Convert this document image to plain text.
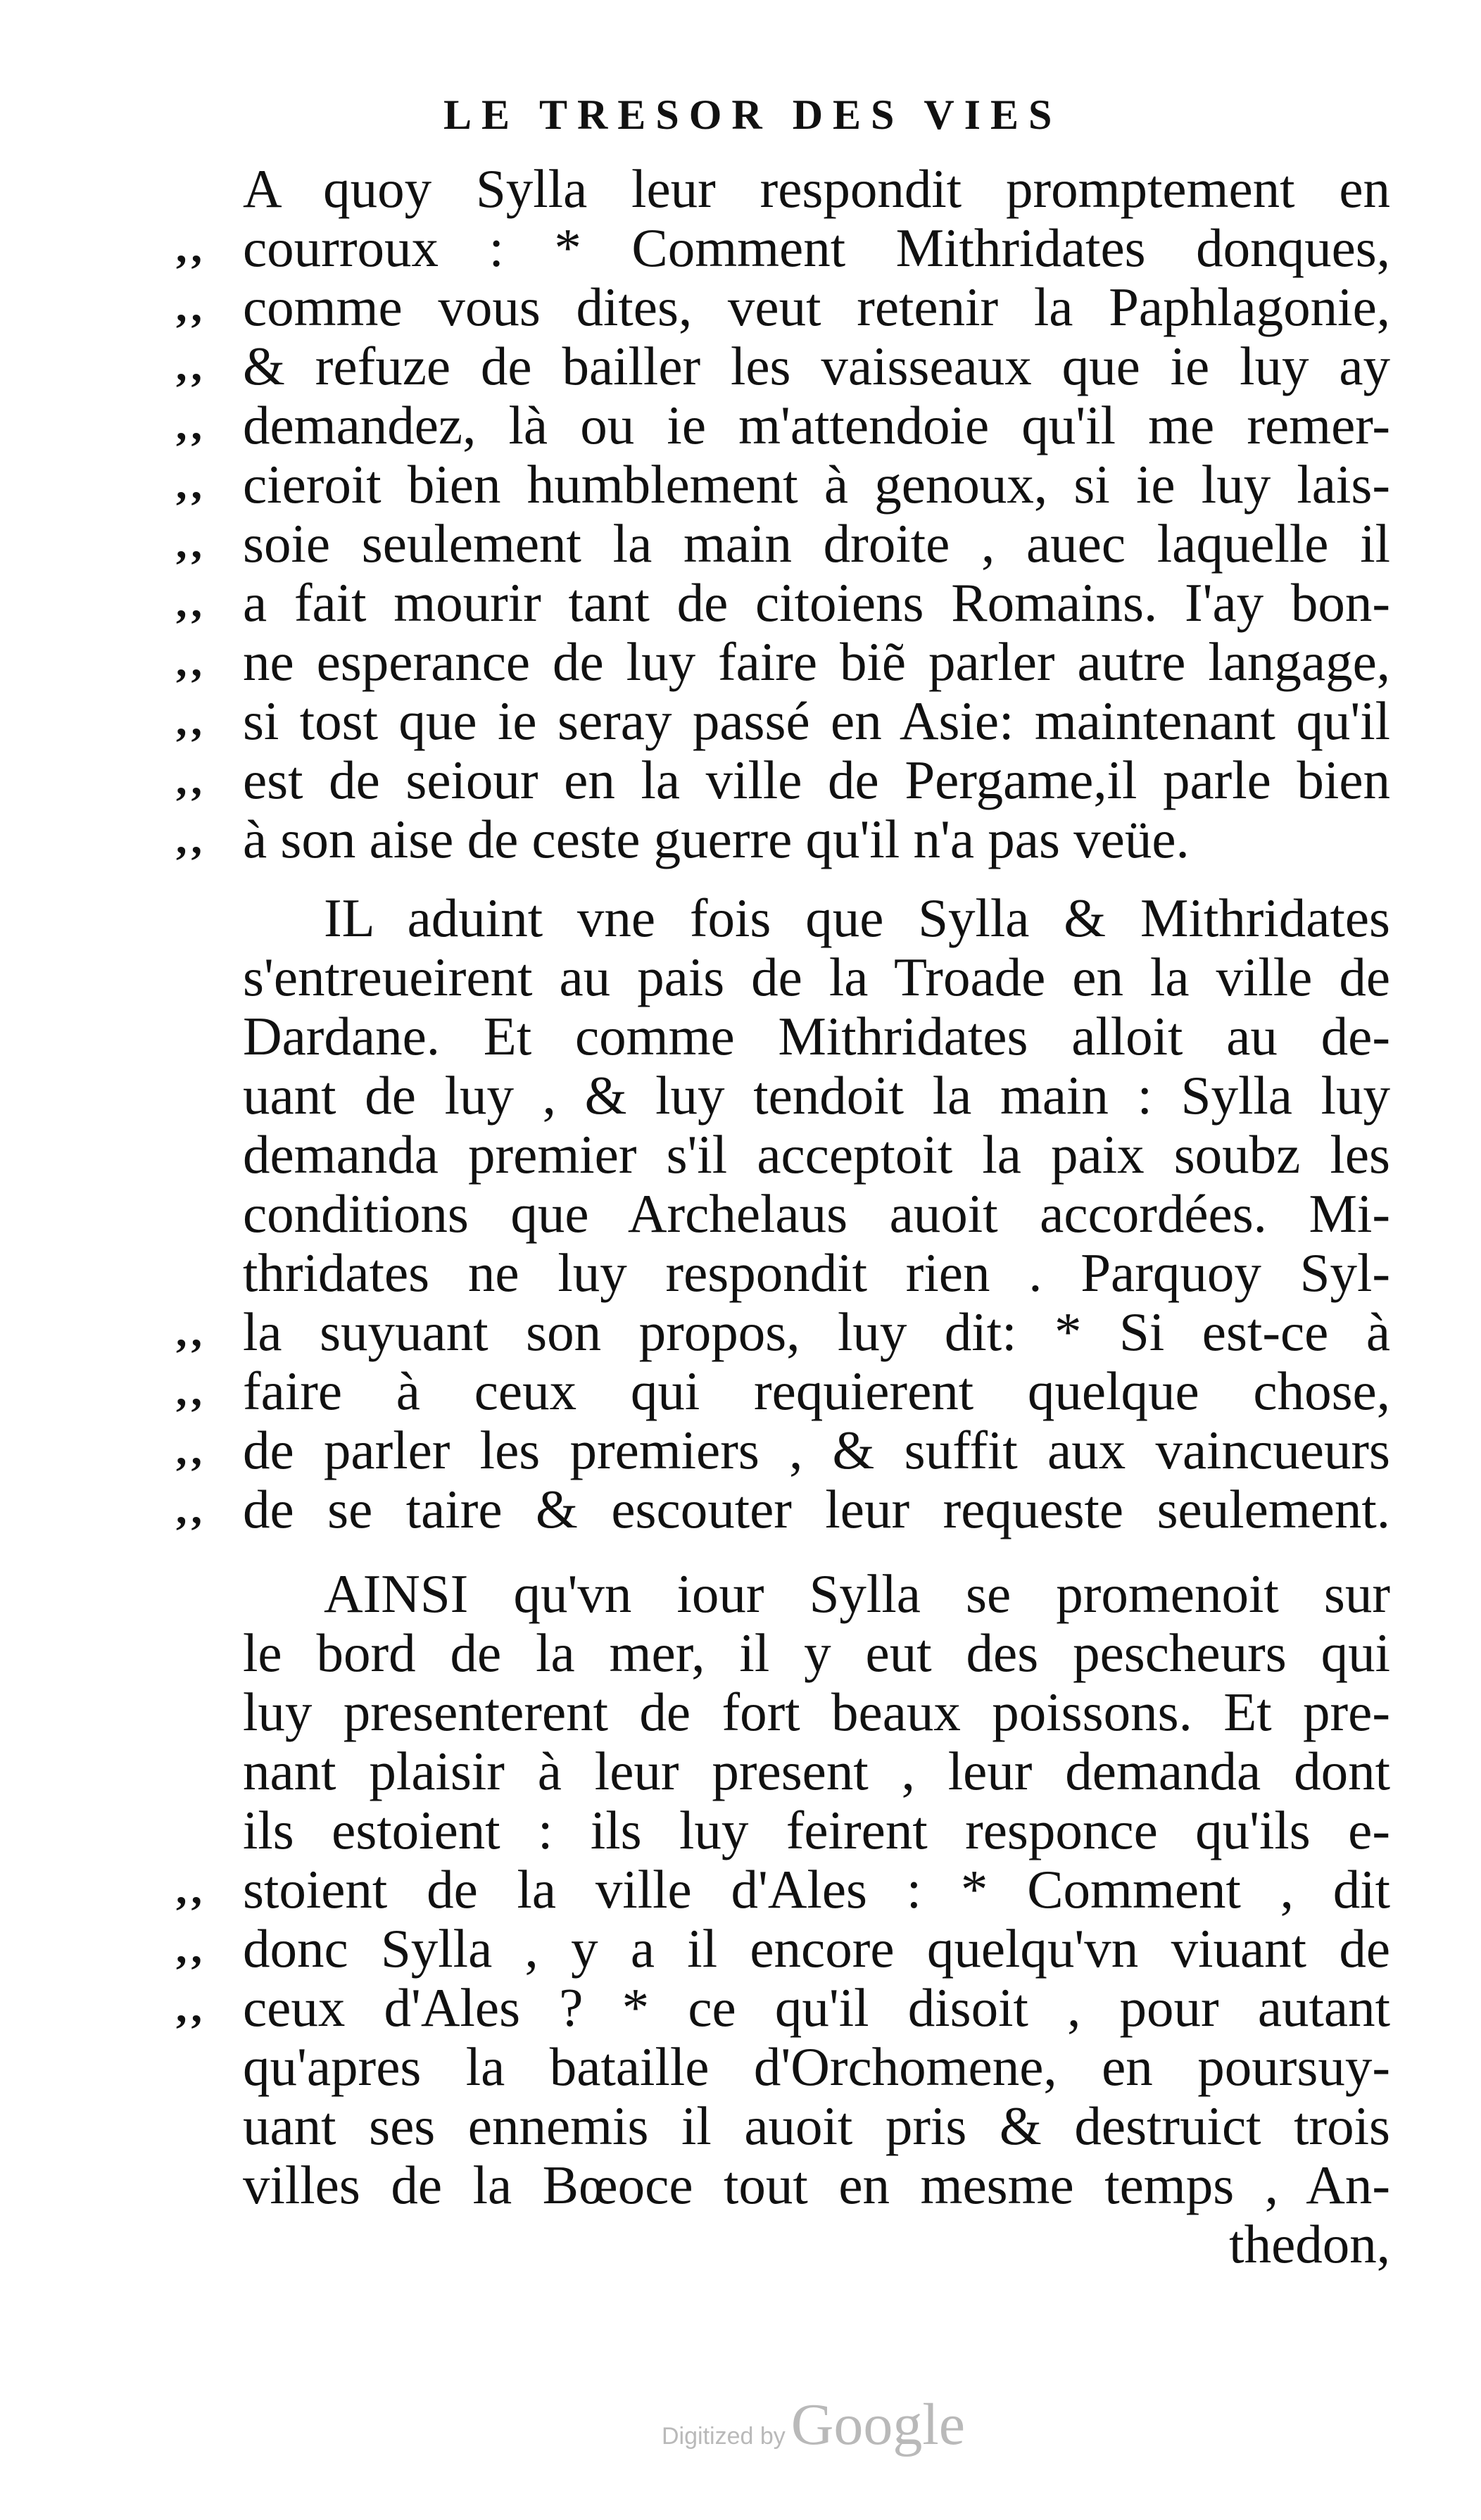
LE TRESOR DES VIES
A quoy Sylla leur respondit promptement en
,, courroux : * Comment Mithridates donques,
,, comme vous dites, veut retenir la Paphlagonie,
,, & refuze de bailler les vaisseaux que ie luy ay
,, demandez, là ou ie m'attendoie qu'il me remer-
,, cieroit bien humblement à genoux, si ie luy lais-
,, soie seulement la main droite , auec laquelle il
,, a fait mourir tant de citoiens Romains. I'ay bon-
,, ne esperance de luy faire biẽ parler autre langage,
,, si tost que ie seray passé en Asie: maintenant qu'il
,, est de seiour en la ville de Pergame,il parle bien
,, à son aise de ceste guerre qu'il n'a pas veüe.
IL aduint vne fois que Sylla & Mithridates
s'entreueirent au pais de la Troade en la ville de
Dardane. Et comme Mithridates alloit au de-
uant de luy , & luy tendoit la main : Sylla luy
demanda premier s'il acceptoit la paix soubz les
conditions que Archelaus auoit accordées. Mi-
thridates ne luy respondit rien . Parquoy Syl-
,, la suyuant son propos, luy dit: * Si est-ce à
,, faire à ceux qui requierent quelque chose,
,, de parler les premiers , & suffit aux vaincueurs
,, de se taire & escouter leur requeste seulement.
AINSI qu'vn iour Sylla se promenoit sur
le bord de la mer, il y eut des pescheurs qui
luy presenterent de fort beaux poissons. Et pre-
nant plaisir à leur present , leur demanda dont
ils estoient : ils luy feirent responce qu'ils e-
,, stoient de la ville d'Ales : * Comment , dit
,, donc Sylla , y a il encore quelqu'vn viuant de
,, ceux d'Ales ? * ce qu'il disoit , pour autant
qu'apres la bataille d'Orchomene, en poursuy-
uant ses ennemis il auoit pris & destruict trois
villes de la Bœoce tout en mesme temps , An-
thedon,
Digitized byGoogle
